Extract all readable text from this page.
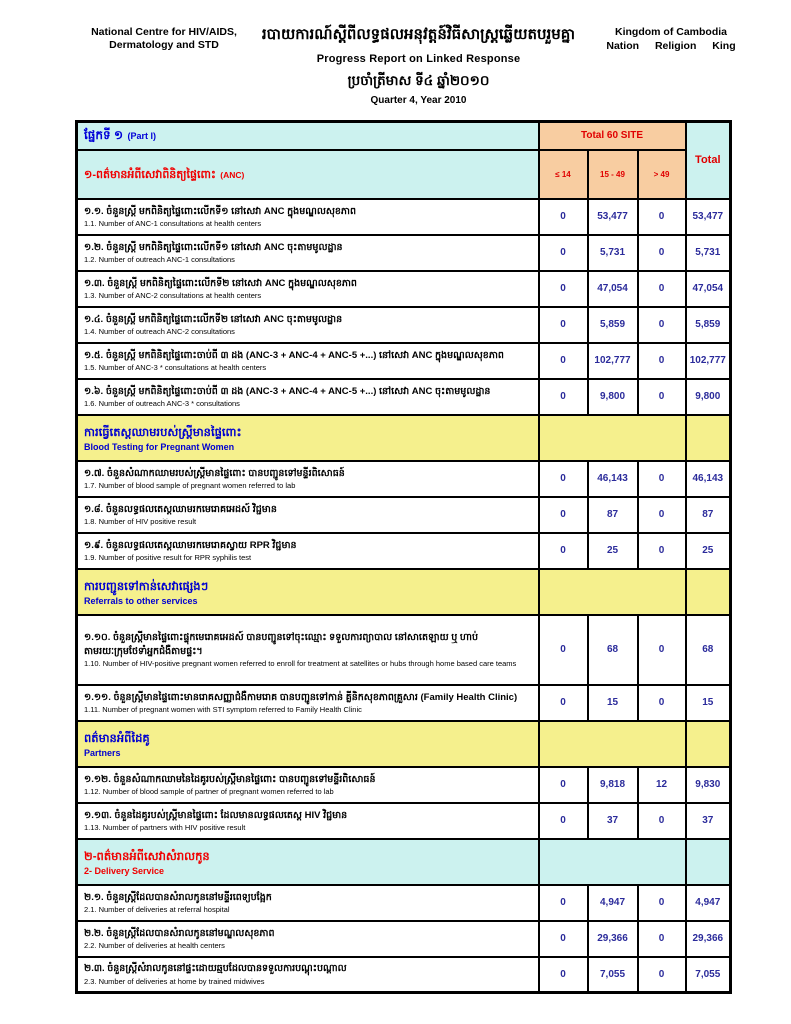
National Centre for HIV/AIDS,
Dermatology and STD
របាយការណ៍ស្តីពីលទ្ធផលអនុវត្តន៍វិធីសាស្ត្រឆ្លើយតបរួមគ្នា
Progress Report on Linked Response
ប្រចាំត្រីមាស ទី៤ ឆ្នាំ២០១០
Quarter 4, Year 2010
Kingdom of Cambodia
Nation Religion King
ផ្នែកទី ១ (Part I)	Total 60 SITE			Total
១-ពត៌មានអំពីសេវាពិនិត្យផ្ទៃពោះ (ANC)				
	≤ 14	15 - 49	> 49	

១.១. ចំនួនស្ត្រី មកពិនិត្យផ្ទៃពោះលើកទី១ នៅសេវា ANC ក្នុងមណ្ឌលសុខភាព
1.1. Number of ANC-1 consultations at health centers	0	53,477	0	53,477

១.២. ចំនួនស្ត្រី មកពិនិត្យផ្ទៃពោះលើកទី១ នៅសេវា ANC ចុះតាមមូលដ្ឋាន
1.2. Number of outreach ANC-1 consultations	0	5,731	0	5,731

១.៣. ចំនួនស្ត្រី មកពិនិត្យផ្ទៃពោះលើកទី២ នៅសេវា ANC ក្នុងមណ្ឌលសុខភាព
1.3. Number of ANC-2 consultations at health centers	0	47,054	0	47,054

១.៤. ចំនួនស្ត្រី មកពិនិត្យផ្ទៃពោះលើកទី២ នៅសេវា ANC ចុះតាមមូលដ្ឋាន
1.4. Number of outreach ANC-2 consultations	0	5,859	0	5,859

១.៥. ចំនួនស្ត្រី មកពិនិត្យផ្ទៃពោះចាប់ពី ៣ ដង (ANC-3 + ANC-4 + ANC-5 +...) នៅសេវា ANC ក្នុងមណ្ឌលសុខភាព
1.5. Number of ANC-3 * consultations at health centers	0	102,777	0	102,777

១.៦. ចំនួនស្ត្រី មកពិនិត្យផ្ទៃពោះចាប់ពី ៣ ដង (ANC-3 + ANC-4 + ANC-5 +...) នៅសេវា ANC ចុះតាមមូលដ្ឋាន
1.6. Number of outreach ANC-3 * consultations	0	9,800	0	9,800

ការធ្វើតេស្តឈាមរបស់ស្ត្រីមានផ្ទៃពោះ
Blood Testing for Pregnant Women				

១.៧. ចំនួនសំណាកឈាមរបស់ស្ត្រីមានផ្ទៃពោះ បានបញ្ជូនទៅមន្ទីរពិសោធន៍
1.7. Number of blood sample of pregnant women referred to lab	0	46,143	0	46,143

១.៨. ចំនួនលទ្ធផលតេស្តឈាមរកមេរោគអេដស៍ វិជ្ជមាន
1.8. Number of HIV positive result	0	87	0	87

១.៩. ចំនួនលទ្ធផលតេស្តឈាមរកមេរោគស្វាយ RPR វិជ្ជមាន
1.9. Number of positive result for RPR syphilis test	0	25	0	25

ការបញ្ជូនទៅកាន់សេវាផ្សេងៗ
Referrals to other services				

១.១០. ចំនួនស្ត្រីមានផ្ទៃពោះផ្ទុកមេរោគអេដស៍ បានបញ្ជូនទៅចុះឈ្មោះ ទទួលការព្យាបាល នៅសាតេឡាយ ឬ ហាប់
តាមរយៈក្រុមថែទាំអ្នកជំងឺតាមផ្ទះ។
1.10. Number of HIV-positive pregnant women referred to enroll for treatment at satellites or hubs through home based care teams	0	68	0	68

១.១១. ចំនួនស្ត្រីមានផ្ទៃពោះមានរោគសញ្ញាជំងឺកាមរោគ បានបញ្ជូនទៅកាន់ គ្លីនិកសុខភាពគ្រួសារ (Family Health Clinic)
1.11. Number of pregnant women with STI symptom referred to Family Health Clinic	0	15	0	15

ពត៌មានអំពីដៃគូ
Partners				

១.១២. ចំនួនសំណាកឈាមនៃដៃគូរបស់ស្ត្រីមានផ្ទៃពោះ បានបញ្ជូនទៅមន្ទីរពិសោធន៍
1.12. Number of blood sample of partner of pregnant women referred to lab	0	9,818	12	9,830

១.១៣. ចំនួនដៃគូរបស់ស្ត្រីមានផ្ទៃពោះ ដែលមានលទ្ធផលតេស្ត HIV វិជ្ជមាន
1.13. Number of partners with HIV positive result	0	37	0	37

២-ពត៌មានអំពីសេវាសំរាលកូន
2- Delivery Service				

២.១. ចំនួនស្ត្រីដែលបានសំរាលកូននៅមន្ទីរពេទ្យបង្អែក
2.1. Number of deliveries at referral hospital	0	4,947	0	4,947

២.២. ចំនួនស្ត្រីដែលបានសំរាលកូននៅមណ្ឌលសុខភាព
2.2. Number of deliveries at health centers	0	29,366	0	29,366

២.៣. ចំនួនស្ត្រីសំរាលកូននៅផ្ទះដោយឆ្មបដែលបានទទួលការបណ្តុះបណ្តាល
2.3. Number of deliveries at home by trained midwives	0	7,055	0	7,055
